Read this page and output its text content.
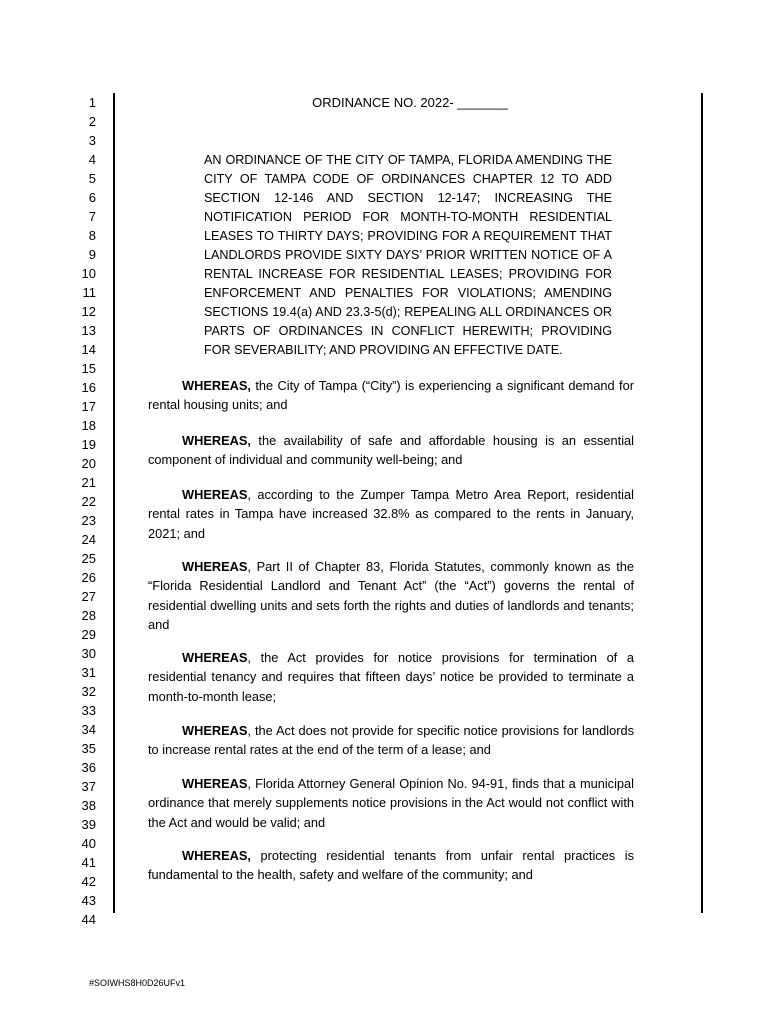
1
2
3
4
5
6
7
8
9
10
11
12
13
14
15
16
17
18
19
20
21
22
23
24
25
26
27
28
29
30
31
32
33
34
35
36
37
38
39
40
41
42
43
44
ORDINANCE NO. 2022- _______
AN ORDINANCE OF THE CITY OF TAMPA, FLORIDA AMENDING THE CITY OF TAMPA CODE OF ORDINANCES CHAPTER 12 TO ADD SECTION 12-146 AND SECTION 12-147; INCREASING THE NOTIFICATION PERIOD FOR MONTH-TO-MONTH RESIDENTIAL LEASES TO THIRTY DAYS; PROVIDING FOR A REQUIREMENT THAT LANDLORDS PROVIDE SIXTY DAYS’ PRIOR WRITTEN NOTICE OF A RENTAL INCREASE FOR RESIDENTIAL LEASES; PROVIDING FOR ENFORCEMENT AND PENALTIES FOR VIOLATIONS; AMENDING SECTIONS 19.4(a) AND 23.3-5(d); REPEALING ALL ORDINANCES OR PARTS OF ORDINANCES IN CONFLICT HEREWITH; PROVIDING FOR SEVERABILITY; AND PROVIDING AN EFFECTIVE DATE.

WHEREAS, the City of Tampa (“City”) is experiencing a significant demand for rental housing units; and

WHEREAS, the availability of safe and affordable housing is an essential component of individual and community well-being; and

WHEREAS, according to the Zumper Tampa Metro Area Report, residential rental rates in Tampa have increased 32.8% as compared to the rents in January, 2021; and

WHEREAS, Part II of Chapter 83, Florida Statutes, commonly known as the “Florida Residential Landlord and Tenant Act” (the “Act”) governs the rental of residential dwelling units and sets forth the rights and duties of landlords and tenants; and

WHEREAS, the Act provides for notice provisions for termination of a residential tenancy and requires that fifteen days’ notice be provided to terminate a month-to-month lease;

WHEREAS, the Act does not provide for specific notice provisions for landlords to increase rental rates at the end of the term of a lease; and

WHEREAS, Florida Attorney General Opinion No. 94-91, finds that a municipal ordinance that merely supplements notice provisions in the Act would not conflict with the Act and would be valid; and

WHEREAS, protecting residential tenants from unfair rental practices is fundamental to the health, safety and welfare of the community; and

#SOIWHS8H0D26UFv1
